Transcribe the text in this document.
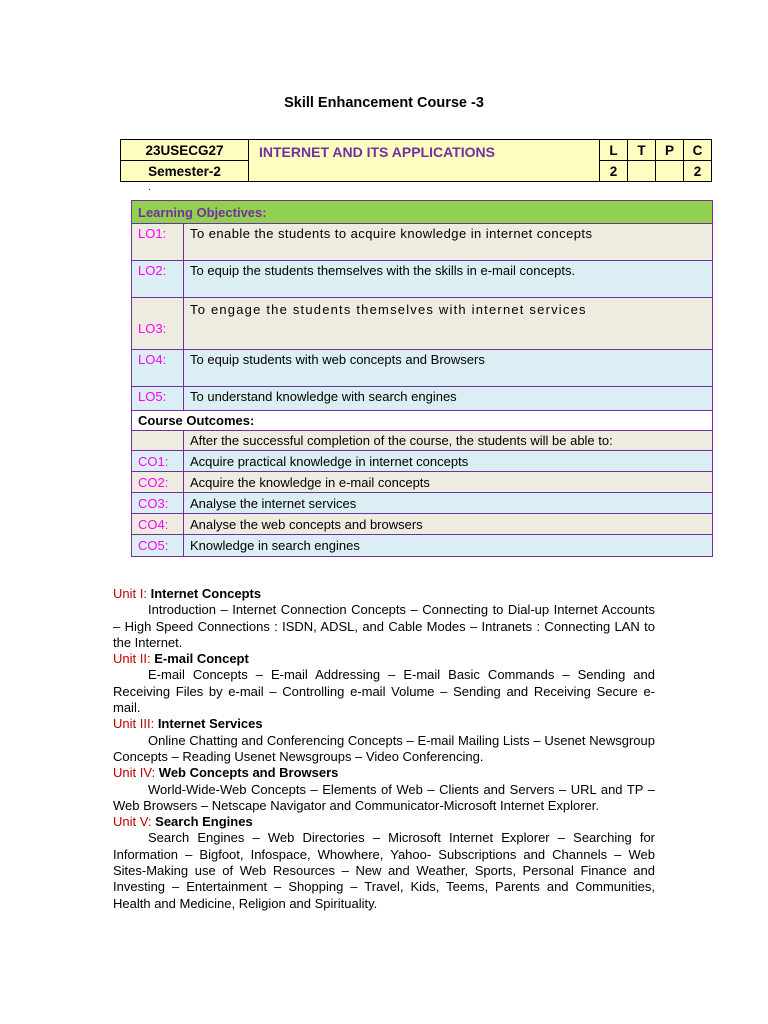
Skill Enhancement Course -3
23USECG27	INTERNET AND ITS APPLICATIONS	L	T	P	C
Semester-2		2			2
.
Learning Objectives:	
LO1:	To enable the students to acquire knowledge in internet concepts
LO2:	To equip the students themselves with the skills in e-mail concepts.
LO3:	To engage the students themselves with internet services
LO4:	To equip students with web concepts and Browsers
LO5:	To understand knowledge with search engines
Course Outcomes:	
	After the successful completion of the course, the students will be able to:
CO1:	Acquire practical knowledge in internet concepts
CO2:	Acquire the knowledge in e-mail concepts
CO3:	Analyse the internet services
CO4:	Analyse the web concepts and browsers
CO5:	Knowledge in search engines
Unit I: Internet Concepts

Introduction – Internet Connection Concepts – Connecting to Dial-up Internet Accounts – High Speed Connections : ISDN, ADSL, and Cable Modes – Intranets : Connecting LAN to the Internet.

Unit II: E-mail Concept

E-mail Concepts – E-mail Addressing – E-mail Basic Commands – Sending and Receiving Files by e-mail – Controlling e-mail Volume – Sending and Receiving Secure e-mail.

Unit III: Internet Services

Online Chatting and Conferencing Concepts – E-mail Mailing Lists – Usenet Newsgroup Concepts – Reading Usenet Newsgroups – Video Conferencing.

Unit IV: Web Concepts and Browsers

World-Wide-Web Concepts – Elements of Web – Clients and Servers – URL and TP –Web Browsers – Netscape Navigator and Communicator-Microsoft Internet Explorer.

Unit V: Search Engines

Search Engines – Web Directories – Microsoft Internet Explorer – Searching for Information – Bigfoot, Infospace, Whowhere, Yahoo- Subscriptions and Channels – Web Sites-Making use of Web Resources – New and Weather, Sports, Personal Finance and Investing – Entertainment – Shopping – Travel, Kids, Teems, Parents and Communities, Health and Medicine, Religion and Spirituality.
